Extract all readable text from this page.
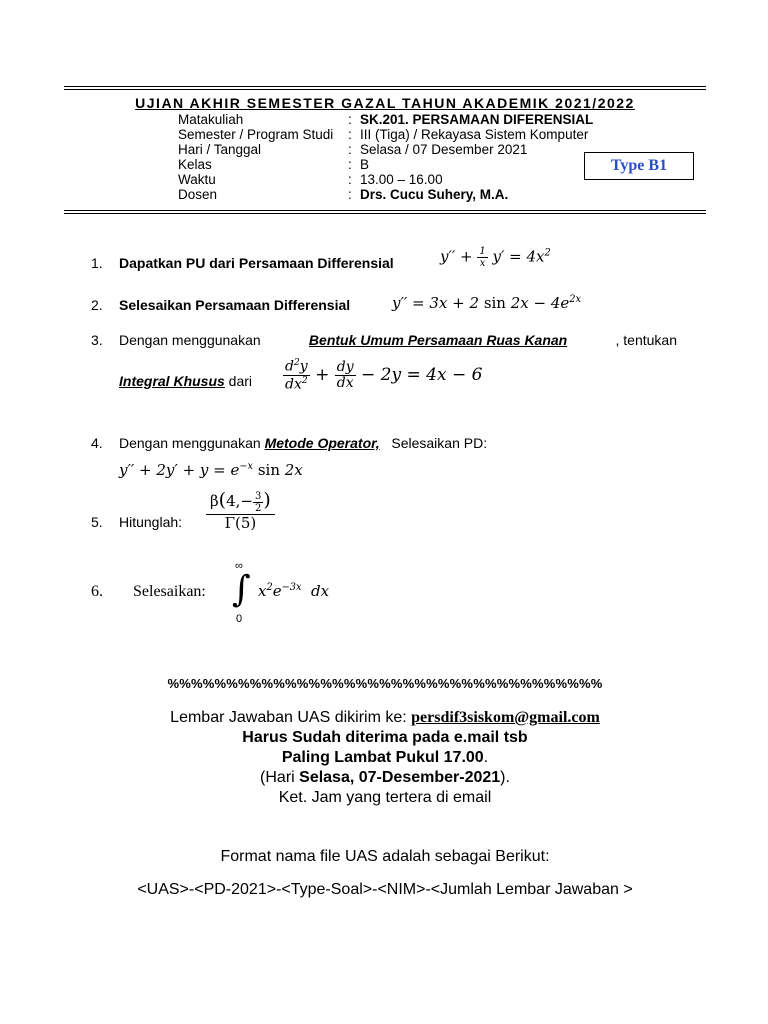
UJIAN AKHIR SEMESTER GAZAL TAHUN AKADEMIK 2021/2022
Matakuliah	: SK.201. PERSAMAAN DIFERENSIAL
Semester / Program Studi	: III (Tiga) / Rekayasa Sistem Komputer
Hari / Tanggal	: Selasa / 07 Desember 2021
Kelas	: B
Waktu	: 13.00 – 16.00
Dosen	: Drs. Cucu Suhery, M.A.
Type B1
1. Dapatkan PU dari Persamaan Differensial	$y'' + \frac{1}{x} y' = 4x^2$
2. Selesaikan Persamaan Differensial	y′′ = 3x + 2 $\sin 2x - 4e^{2x}$
3. Dengan menggunakan	Bentuk Umum Persamaan Ruas Kanan	, tentukan
Integral Khusus dari $\frac{d^2y}{dx^2} + \frac{dy}{dx} - 2y = 4x - 6$
4. Dengan menggunakan Metode Operator, Selesaikan PD:
$y'' + 2y' + y = e^{-x}$ sin 2x
5. Hitunglah: $\frac{\beta(4,- \frac{3}{2} )}{\Gamma(5)}$
6. Selesaikan:
∞
∫
0
$x^2e^{-3x}$  dx
%%%%%%%%%%%%%%%%%%%%%%%%%%%%%%%%%%%%%
Lembar Jawaban UAS dikirim ke: persdif3siskom@gmail.com
Harus Sudah diterima pada e.mail tsb
Paling Lambat Pukul 17.00.
(Hari Selasa, 07-Desember-2021).
Ket. Jam yang tertera di email
Format nama file UAS adalah sebagai Berikut:
<UAS>-<PD-2021>-<Type-Soal>-<NIM>-<Jumlah Lembar Jawaban >
